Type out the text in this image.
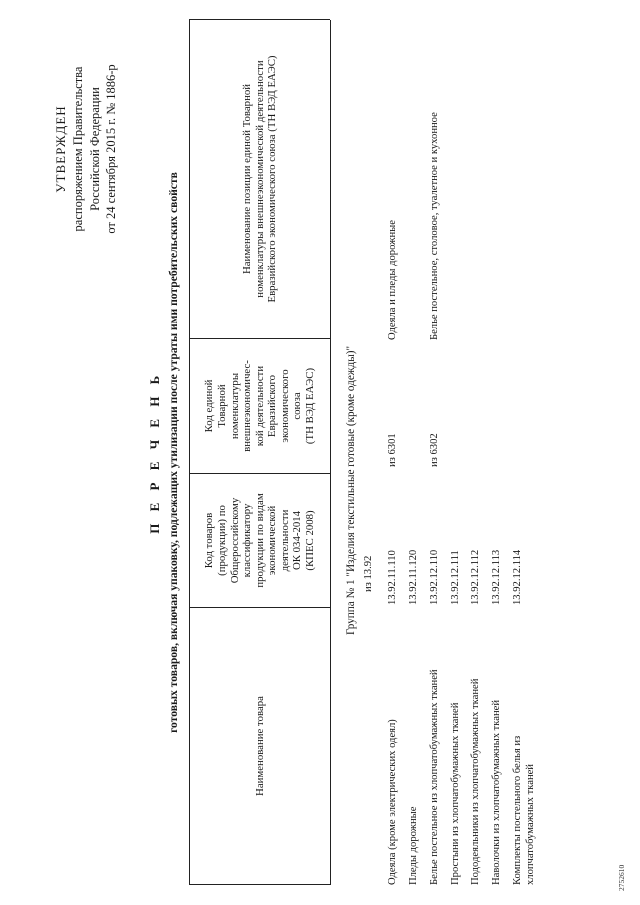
УТВЕРЖДЕН распоряжением Правительства Российской Федерации от 24 сентября 2015 г. № 1886-р
П Е Р Е Ч Е Н Ь готовых товаров, включая упаковку, подлежащих утилизации после утраты ими потребительских свойств
Наименование товара
Код товаров (продукции) по Общероссийскому классификатору продукции по видам экономической деятельности ОК 034-2014 (КПЕС 2008)
Код единой Товарной номенклатуры внешнеэкономичес- кой деятельности Евразийского экономического союза (ТН ВЭД ЕАЭС)
Наименование позиции единой Товарной номенклатуры внешнеэкономической деятельности Евразийского экономического союза (ТН ВЭД ЕАЭС)
Группа № 1 "Изделия текстильные готовые (кроме одежды)" из 13.92
Одеяла (кроме электрических одеял)
13.92.11.110
из 6301
Одеяла и пледы дорожные
Пледы дорожные
13.92.11.120
Белье постельное из хлопчатобумажных тканей
13.92.12.110
из 6302
Белье постельное, столовое, туалетное и кухонное
Простыни из хлопчатобумажных тканей
13.92.12.111
Пододеяльники из хлопчатобумажных тканей
13.92.12.112
Наволочки из хлопчатобумажных тканей
13.92.12.113
Комплекты постельного белья из хлопчатобумажных тканей
13.92.12.114
2752610
